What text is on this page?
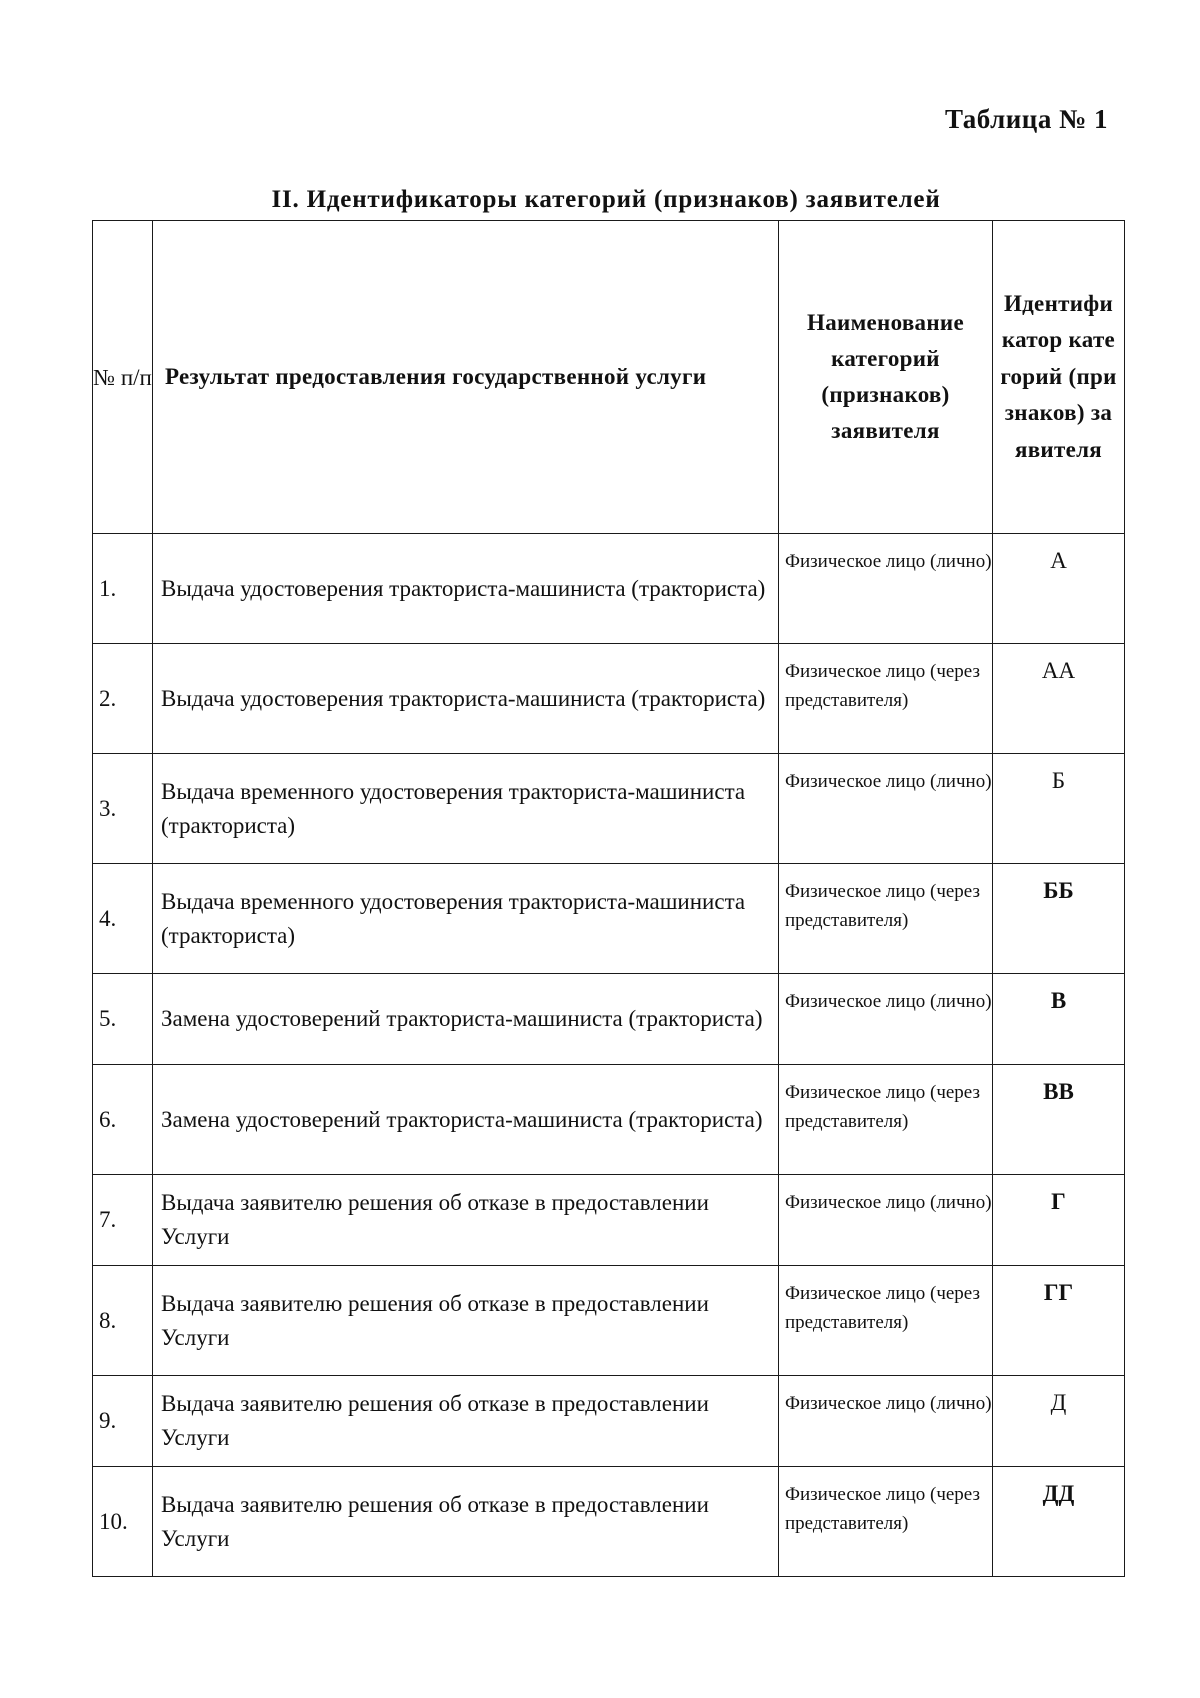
Таблица № 1
II. Идентификаторы категорий (признаков) заявителей
№ п/п	Результат предоставления государственной услуги	Наименование категорий (признаков) заявителя	Идентификатор категорий (признаков) заявителя
1.	Выдача удостоверения тракториста-машиниста (тракториста)	Физическое лицо (лично)	А
2.	Выдача удостоверения тракториста-машиниста (тракториста)	Физическое лицо (через представителя)	АА
3.	Выдача временного удостоверения тракториста-машиниста (тракториста)	Физическое лицо (лично)	Б
4.	Выдача временного удостоверения тракториста-машиниста (тракториста)	Физическое лицо (через представителя)	ББ
5.	Замена удостоверений тракториста-машиниста (тракториста)	Физическое лицо (лично)	В
6.	Замена удостоверений тракториста-машиниста (тракториста)	Физическое лицо (через представителя)	ВВ
7.	Выдача заявителю решения об отказе в предоставлении Услуги	Физическое лицо (лично)	Г
8.	Выдача заявителю решения об отказе в предоставлении Услуги	Физическое лицо (через представителя)	ГГ
9.	Выдача заявителю решения об отказе в предоставлении Услуги	Физическое лицо (лично)	Д
10.	Выдача заявителю решения об отказе в предоставлении Услуги	Физическое лицо (через представителя)	ДД
